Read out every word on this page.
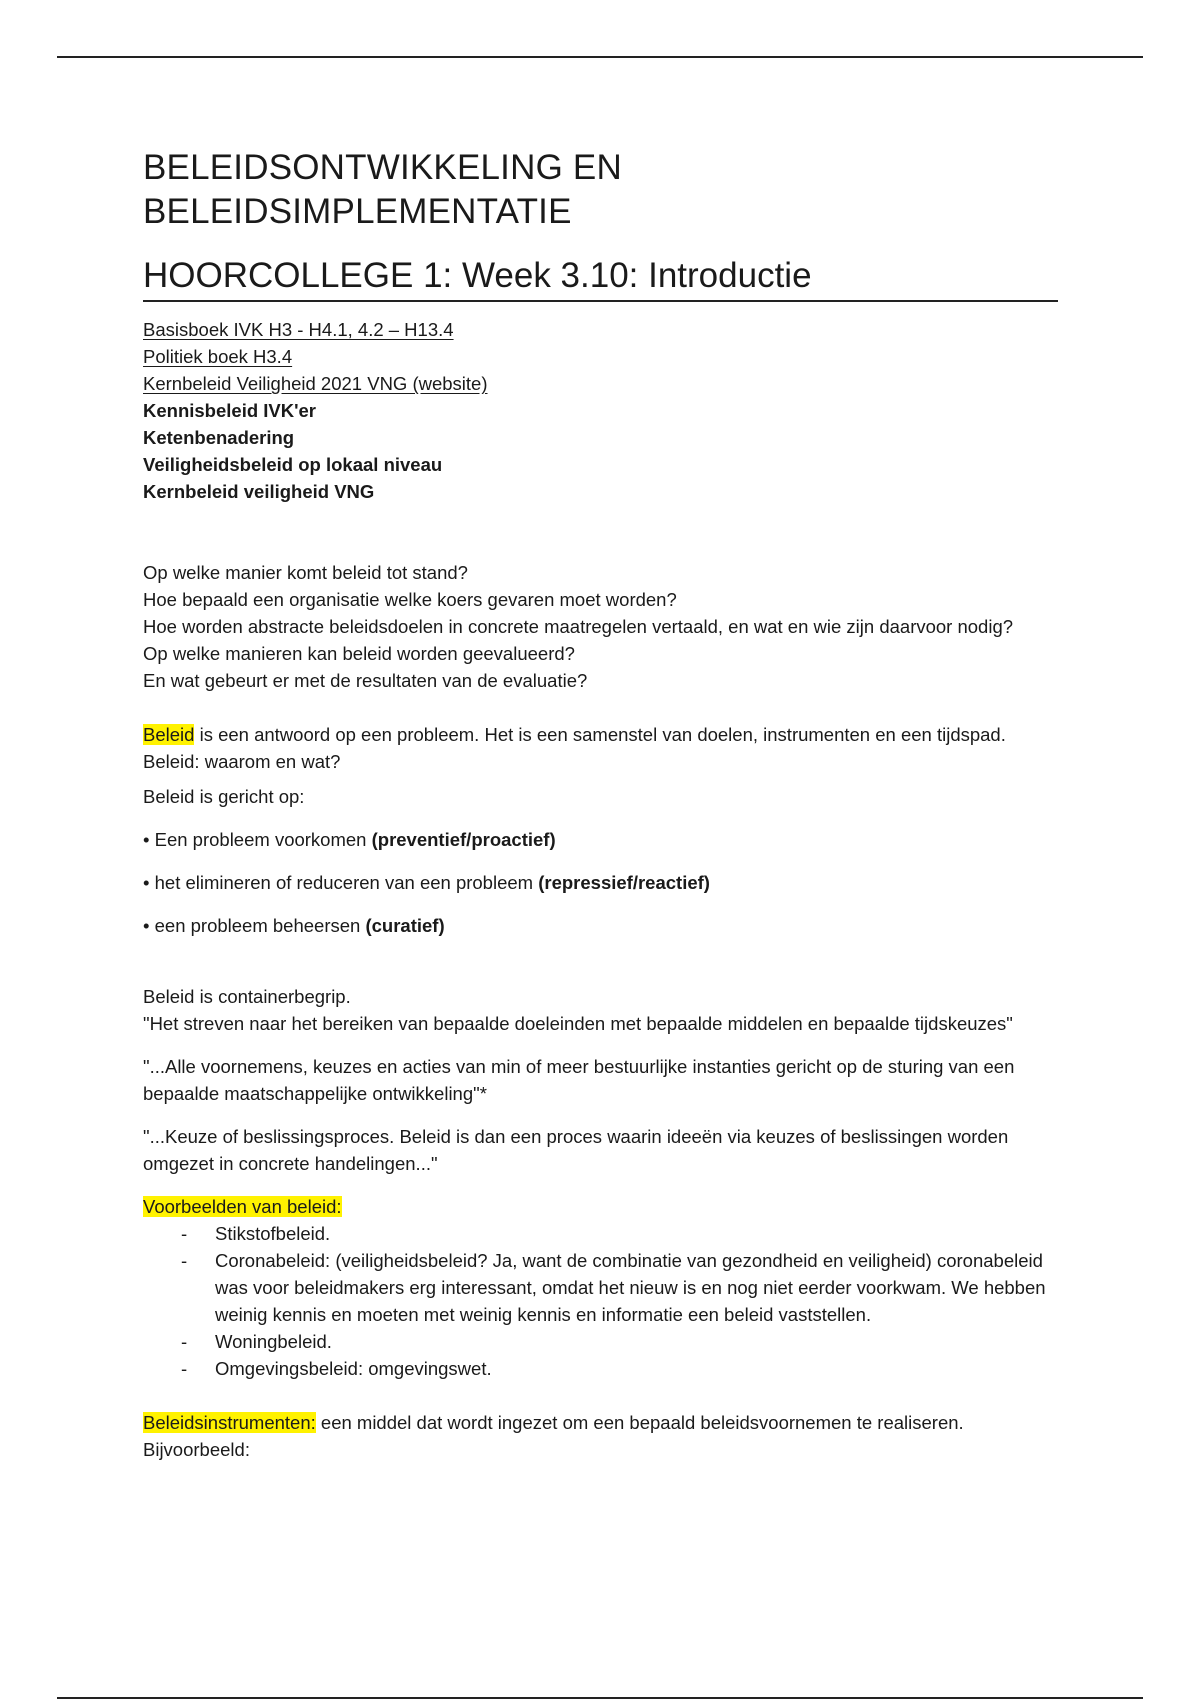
BELEIDSONTWIKKELING EN BELEIDSIMPLEMENTATIE
HOORCOLLEGE 1: Week 3.10: Introductie
Basisboek IVK H3 - H4.1, 4.2 – H13.4
Politiek boek H3.4
Kernbeleid Veiligheid 2021 VNG (website)
Kennisbeleid IVK'er
Ketenbenadering
Veiligheidsbeleid op lokaal niveau
Kernbeleid veiligheid VNG

Op welke manier komt beleid tot stand?

Hoe bepaald een organisatie welke koers gevaren moet worden?

Hoe worden abstracte beleidsdoelen in concrete maatregelen vertaald, en wat en wie zijn daarvoor nodig?

Op welke manieren kan beleid worden geevalueerd?

En wat gebeurt er met de resultaten van de evaluatie?

Beleid is een antwoord op een probleem. Het is een samenstel van doelen, instrumenten en een tijdspad.

Beleid: waarom en wat?

Beleid is gericht op:

• Een probleem voorkomen (preventief/proactief)

• het elimineren of reduceren van een probleem (repressief/reactief)

• een probleem beheersen (curatief)

Beleid is containerbegrip.

"Het streven naar het bereiken van bepaalde doeleinden met bepaalde middelen en bepaalde tijdskeuzes"

"...Alle voornemens, keuzes en acties van min of meer bestuurlijke instanties gericht op de sturing van een bepaalde maatschappelijke ontwikkeling"*

"...Keuze of beslissingsproces. Beleid is dan een proces waarin ideeën via keuzes of beslissingen worden omgezet in concrete handelingen..."

Voorbeelden van beleid:

- Stikstofbeleid.
- Coronabeleid: (veiligheidsbeleid? Ja, want de combinatie van gezondheid en veiligheid) coronabeleid was voor beleidmakers erg interessant, omdat het nieuw is en nog niet eerder voorkwam. We hebben weinig kennis en moeten met weinig kennis en informatie een beleid vaststellen.
- Woningbeleid.
- Omgevingsbeleid: omgevingswet.

Beleidsinstrumenten: een middel dat wordt ingezet om een bepaald beleidsvoornemen te realiseren.

Bijvoorbeeld:
